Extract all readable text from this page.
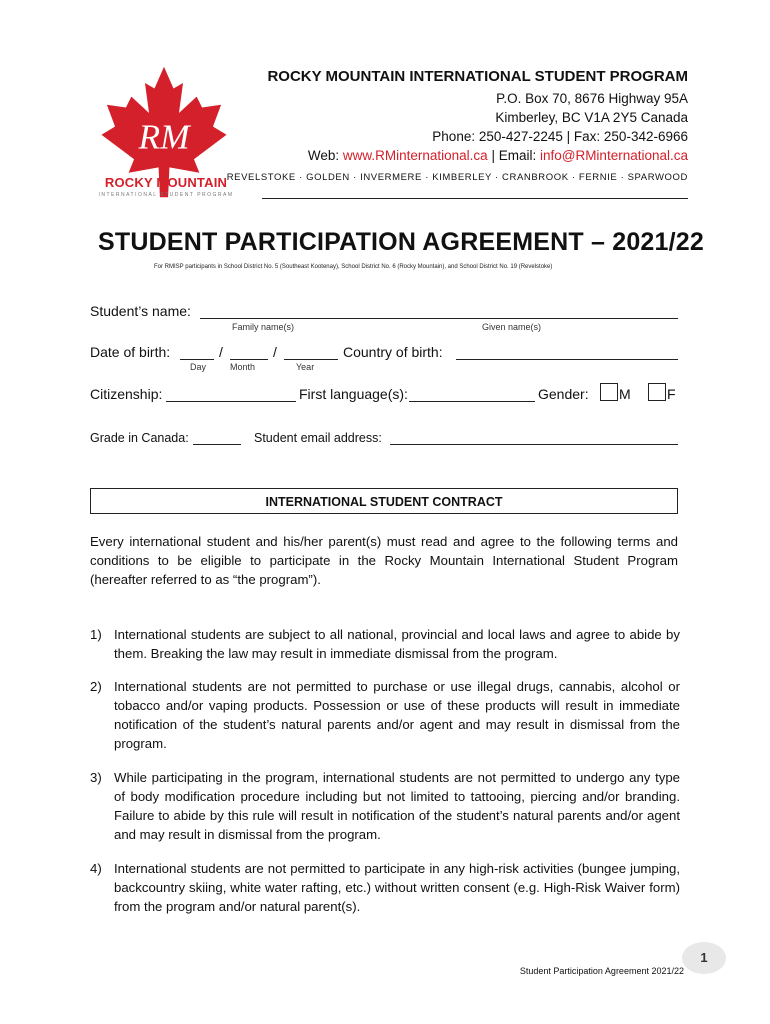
RM
ROCKY MOUNTAIN
INTERNATIONAL STUDENT PROGRAM
ROCKY MOUNTAIN INTERNATIONAL STUDENT PROGRAM
P.O. Box 70, 8676 Highway 95A
Kimberley, BC V1A 2Y5 Canada
Phone: 250-427-2245 | Fax: 250-342-6966
Web: www.RMinternational.ca | Email: info@RMinternational.ca
REVELSTOKE · GOLDEN · INVERMERE · KIMBERLEY · CRANBROOK · FERNIE · SPARWOOD
STUDENT PARTICIPATION AGREEMENT – 2021/22
For RMISP participants in School District No. 5 (Southeast Kootenay), School District No. 6 (Rocky Mountain), and School District No. 19 (Revelstoke)
Student’s name:
Family name(s)	Given name(s)
Date of birth:	/	/
Day	Month	Year
Country of birth:
Citizenship:	First language(s):	Gender: M	F
Grade in Canada:	Student email address:
INTERNATIONAL STUDENT CONTRACT
Every international student and his/her parent(s) must read and agree to the following terms and conditions to be eligible to participate in the Rocky Mountain International Student Program (hereafter referred to as “the program”).
1) International students are subject to all national, provincial and local laws and agree to abide by them. Breaking the law may result in immediate dismissal from the program.
2) International students are not permitted to purchase or use illegal drugs, cannabis, alcohol or tobacco and/or vaping products. Possession or use of these products will result in immediate notification of the student’s natural parents and/or agent and may result in dismissal from the program.
3) While participating in the program, international students are not permitted to undergo any type of body modification procedure including but not limited to tattooing, piercing and/or branding. Failure to abide by this rule will result in notification of the student’s natural parents and/or agent and may result in dismissal from the program.
4) International students are not permitted to participate in any high-risk activities (bungee jumping, backcountry skiing, white water rafting, etc.) without written consent (e.g. High-Risk Waiver form) from the program and/or natural parent(s).
Student Participation Agreement 2021/22
1
